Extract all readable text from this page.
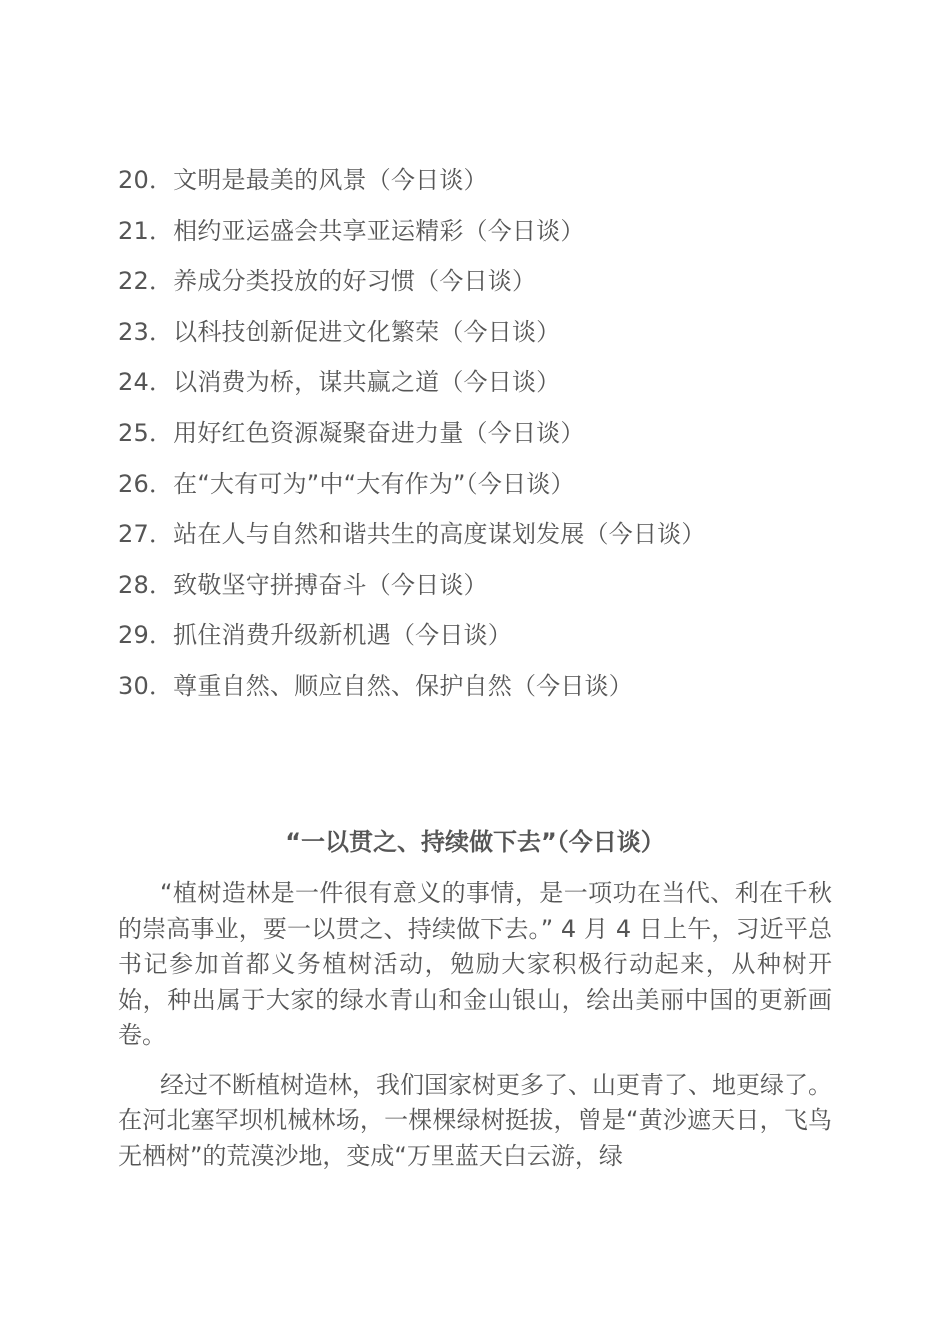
20．文明是最美的风景（今日谈）
21．相约亚运盛会共享亚运精彩（今日谈）
22．养成分类投放的好习惯（今日谈）
23．以科技创新促进文化繁荣（今日谈）
24．以消费为桥，谋共赢之道（今日谈）
25．用好红色资源凝聚奋进力量（今日谈）
26．在“大有可为”中“大有作为”（今日谈）
27．站在人与自然和谐共生的高度谋划发展（今日谈）
28．致敬坚守拼搏奋斗（今日谈）
29．抓住消费升级新机遇（今日谈）
30．尊重自然、顺应自然、保护自然（今日谈）
“一以贯之、持续做下去”（今日谈）

“植树造林是一件很有意义的事情，是一项功在当代、利在千秋的崇高事业，要一以贯之、持续做下去。” 4 月 4 日上午，习近平总书记参加首都义务植树活动，勉励大家积极行动起来，从种树开始，种出属于大家的绿水青山和金山银山，绘出美丽中国的更新画卷。

经过不断植树造林，我们国家树更多了、山更青了、地更绿了。在河北塞罕坝机械林场，一棵棵绿树挺拔，曾是“黄沙遮天日，飞鸟无栖树”的荒漠沙地，变成“万里蓝天白云游，绿
